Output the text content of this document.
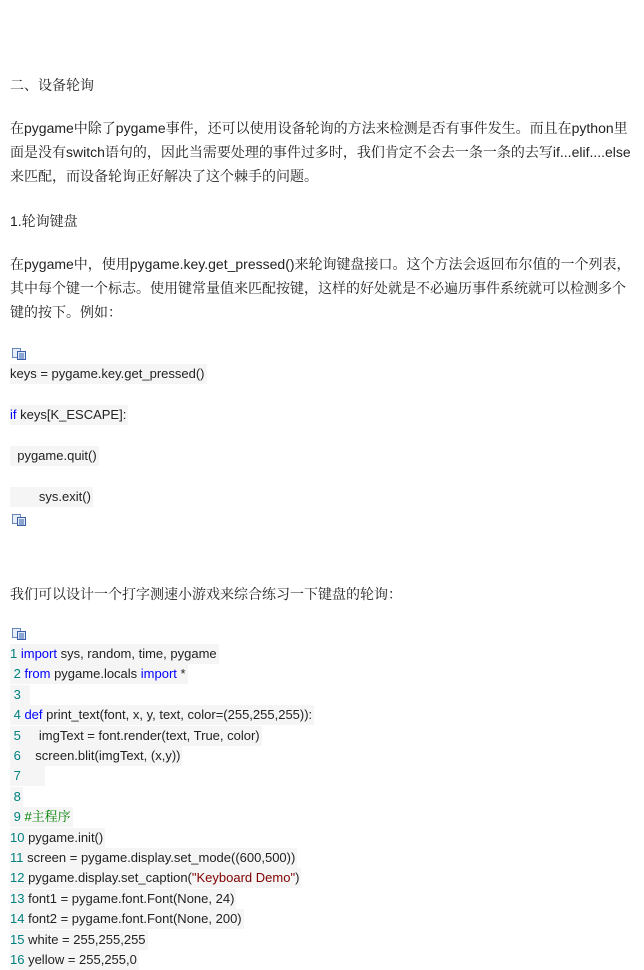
二、设备轮询

在pygame中除了pygame事件，还可以使用设备轮询的方法来检测是否有事件发生。而且在python里面是没有switch语句的，因此当需要处理的事件过多时，我们肯定不会去一条一条的去写if...elif....else来匹配，而设备轮询正好解决了这个棘手的问题。

1.轮询键盘

在pygame中，使用pygame.key.get_pressed()来轮询键盘接口。这个方法会返回布尔值的一个列表，其中每个键一个标志。使用键常量值来匹配按键，这样的好处就是不必遍历事件系统就可以检测多个键的按下。例如：

keys = pygame.key.get_pressed()
if keys[K_ESCAPE]:
pygame.quit()
sys.exit()
我们可以设计一个打字测速小游戏来综合练习一下键盘的轮询：
1 import sys, random, time, pygame
2 from pygame.locals import *
3
4 def print_text(font, x, y, text, color=(255,255,255)):
5     imgText = font.render(text, True, color)
6    screen.blit(imgText, (x,y))
7
8
9 #主程序
10 pygame.init()
11 screen = pygame.display.set_mode((600,500))
12 pygame.display.set_caption("Keyboard Demo")
13 font1 = pygame.font.Font(None, 24)
14 font2 = pygame.font.Font(None, 200)
15 white = 255,255,255
16 yellow = 255,255,0
